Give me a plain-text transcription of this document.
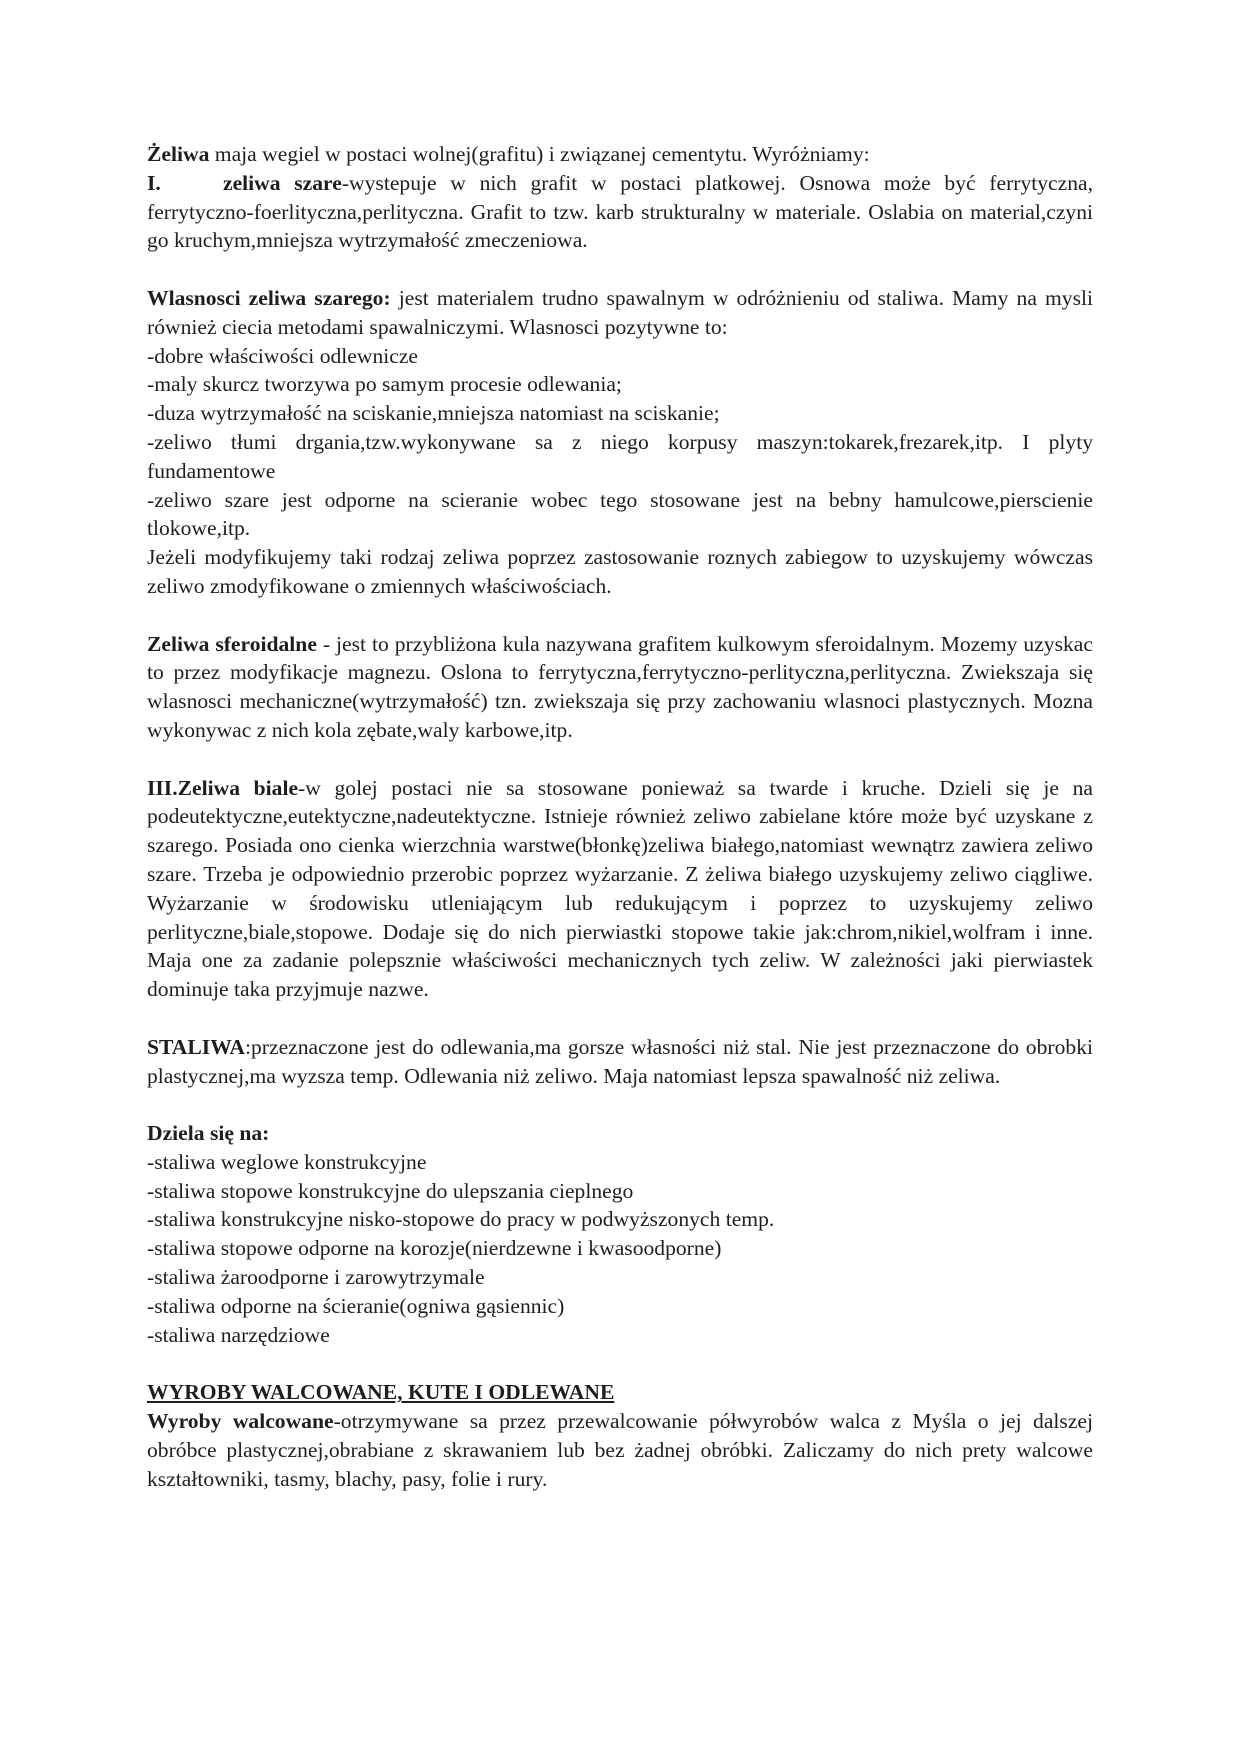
Żeliwa maja wegiel w postaci wolnej(grafitu) i związanej cementytu. Wyróżniamy:

I.	zeliwa szare-wystepuje w nich grafit w postaci platkowej. Osnowa może być ferrytyczna, ferrytyczno-foerlityczna,perlityczna. Grafit to tzw. karb strukturalny w materiale. Oslabia on material,czyni go kruchym,mniejsza wytrzymałość zmeczeniowa.

Wlasnosci zeliwa szarego: jest materialem trudno spawalnym w odróżnieniu od staliwa. Mamy na mysli również ciecia metodami spawalniczymi. Wlasnosci pozytywne to:

-dobre właściwości odlewnicze

-maly skurcz tworzywa po samym procesie odlewania;

-duza wytrzymałość na sciskanie,mniejsza natomiast na sciskanie;

-zeliwo tłumi drgania,tzw.wykonywane sa z niego korpusy maszyn:tokarek,frezarek,itp. I plyty fundamentowe

-zeliwo szare jest odporne na scieranie wobec tego stosowane jest na bebny hamulcowe,pierscienie tlokowe,itp.

Jeżeli modyfikujemy taki rodzaj zeliwa poprzez zastosowanie roznych zabiegow to uzyskujemy wówczas zeliwo zmodyfikowane o zmiennych właściwościach.

Zeliwa sferoidalne - jest to przybliżona kula nazywana grafitem kulkowym sferoidalnym. Mozemy uzyskac to przez modyfikacje magnezu. Oslona to ferrytyczna,ferrytyczno-perlityczna,perlityczna. Zwiekszaja się wlasnosci mechaniczne(wytrzymałość) tzn. zwiekszaja się przy zachowaniu wlasnoci plastycznych. Mozna wykonywac z nich kola zębate,waly karbowe,itp.

III.Zeliwa biale-w golej postaci nie sa stosowane ponieważ sa twarde i kruche. Dzieli się je na podeutektyczne,eutektyczne,nadeutektyczne. Istnieje również zeliwo zabielane które może być uzyskane z szarego. Posiada ono cienka wierzchnia warstwe(błonkę)zeliwa białego,natomiast wewnątrz zawiera zeliwo szare. Trzeba je odpowiednio przerobic poprzez wyżarzanie. Z żeliwa białego uzyskujemy zeliwo ciągliwe. Wyżarzanie w środowisku utleniającym lub redukującym i poprzez to uzyskujemy zeliwo perlityczne,biale,stopowe. Dodaje się do nich pierwiastki stopowe takie jak:chrom,nikiel,wolfram i inne. Maja one za zadanie polepsznie właściwości mechanicznych tych zeliw. W zależności jaki pierwiastek dominuje taka przyjmuje nazwe.

STALIWA:przeznaczone jest do odlewania,ma gorsze własności niż stal. Nie jest przeznaczone do obrobki plastycznej,ma wyzsza temp. Odlewania niż zeliwo. Maja natomiast lepsza spawalność niż zeliwa.

Dziela się na:

-staliwa weglowe konstrukcyjne

-staliwa stopowe konstrukcyjne do ulepszania cieplnego

-staliwa konstrukcyjne nisko-stopowe do pracy w podwyższonych temp.

-staliwa stopowe odporne na korozje(nierdzewne i kwasoodporne)

-staliwa żaroodporne i zarowytrzymale

-staliwa odporne na ścieranie(ogniwa gąsiennic)

-staliwa narzędziowe

WYROBY WALCOWANE, KUTE I ODLEWANE

Wyroby walcowane-otrzymywane sa przez przewalcowanie półwyrobów walca z Myśla o jej dalszej obróbce plastycznej,obrabiane z skrawaniem lub bez żadnej obróbki. Zaliczamy do nich prety walcowe kształtowniki, tasmy, blachy, pasy, folie i rury.
